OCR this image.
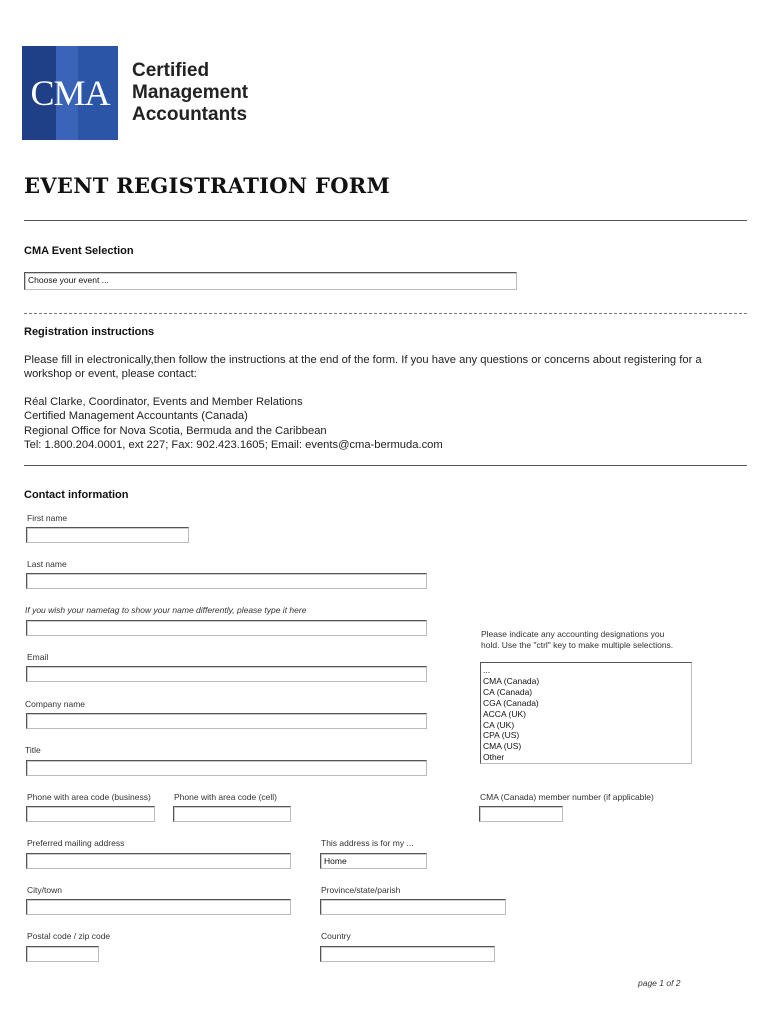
CMA
Certified
Management
Accountants
EVENT REGISTRATION FORM
CMA Event Selection
Choose your event ...
Registration instructions
Please fill in electronically,then follow the instructions at the end of the form. If you have any questions or concerns about registering for a
workshop or event, please contact:
Réal Clarke, Coordinator, Events and Member Relations
Certified Management Accountants (Canada)
Regional Office for Nova Scotia, Bermuda and the Caribbean
Tel: 1.800.204.0001, ext 227; Fax: 902.423.1605; Email: events@cma-bermuda.com
Contact information
First name
Last name
If you wish your nametag to show your name differently, please type it here
Email
Company name
Title
Phone with area code (business)	Phone with area code (cell)
Preferred mailing address	This address is for my ...
Home
City/town	Province/state/parish
Postal code / zip code	Country
Please indicate any accounting designations you
hold. Use the "ctrl" key to make multiple selections.
...
CMA (Canada)
CA (Canada)
CGA (Canada)
ACCA (UK)
CA (UK)
CPA (US)
CMA (US)
Other
CMA (Canada) member number (if applicable)
page 1 of 2
